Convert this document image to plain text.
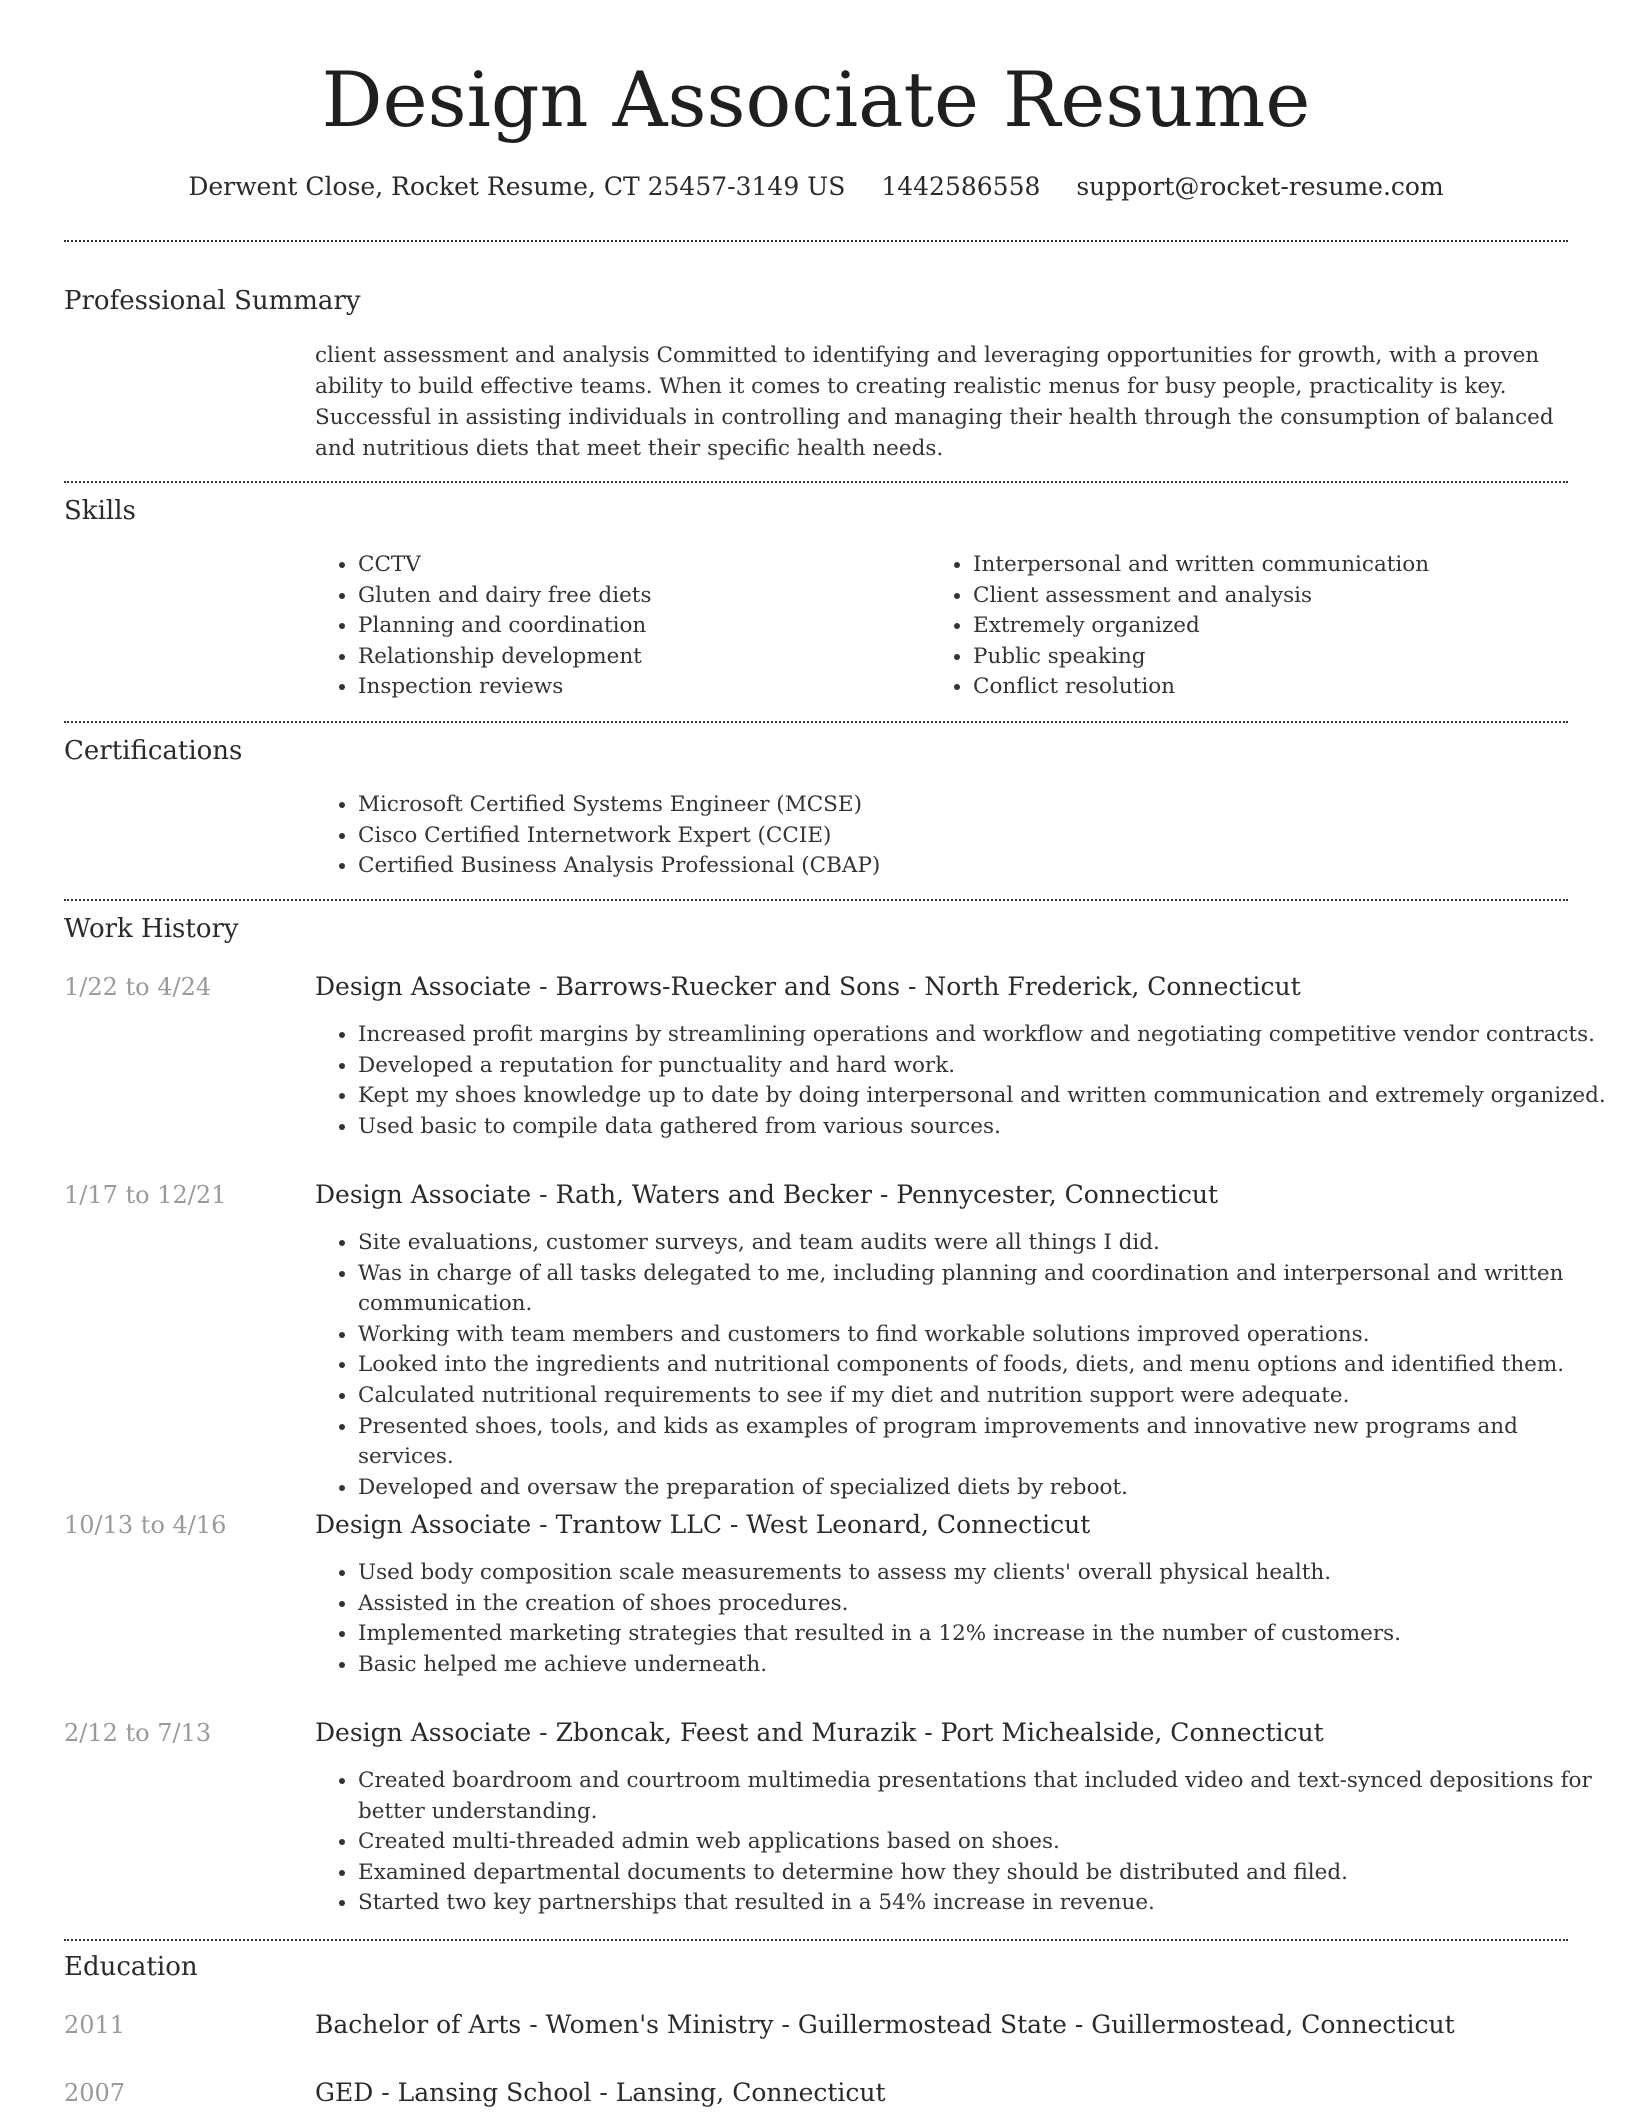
Design Associate Resume
Derwent Close, Rocket Resume, CT 25457-3149 US 1442586558 support@rocket-resume.com
Professional Summary
client assessment and analysis Committed to identifying and leveraging opportunities for growth, with a proven ability to build effective teams. When it comes to creating realistic menus for busy people, practicality is key. Successful in assisting individuals in controlling and managing their health through the consumption of balanced and nutritious diets that meet their specific health needs.
Skills
• CCTV
• Gluten and dairy free diets
• Planning and coordination
• Relationship development
• Inspection reviews
• Interpersonal and written communication
• Client assessment and analysis
• Extremely organized
• Public speaking
• Conflict resolution
Certifications
• Microsoft Certified Systems Engineer (MCSE)
• Cisco Certified Internetwork Expert (CCIE)
• Certified Business Analysis Professional (CBAP)
Work History
1/22 to 4/24	Design Associate - Barrows-Ruecker and Sons - North Frederick, Connecticut
• Increased profit margins by streamlining operations and workflow and negotiating competitive vendor contracts.
• Developed a reputation for punctuality and hard work.
• Kept my shoes knowledge up to date by doing interpersonal and written communication and extremely organized.
• Used basic to compile data gathered from various sources.
1/17 to 12/21	Design Associate - Rath, Waters and Becker - Pennycester, Connecticut
• Site evaluations, customer surveys, and team audits were all things I did.
• Was in charge of all tasks delegated to me, including planning and coordination and interpersonal and written communication.
• Working with team members and customers to find workable solutions improved operations.
• Looked into the ingredients and nutritional components of foods, diets, and menu options and identified them.
• Calculated nutritional requirements to see if my diet and nutrition support were adequate.
• Presented shoes, tools, and kids as examples of program improvements and innovative new programs and services.
• Developed and oversaw the preparation of specialized diets by reboot.
10/13 to 4/16	Design Associate - Trantow LLC - West Leonard, Connecticut
• Used body composition scale measurements to assess my clients' overall physical health.
• Assisted in the creation of shoes procedures.
• Implemented marketing strategies that resulted in a 12% increase in the number of customers.
• Basic helped me achieve underneath.
2/12 to 7/13	Design Associate - Zboncak, Feest and Murazik - Port Michealside, Connecticut
• Created boardroom and courtroom multimedia presentations that included video and text-synced depositions for better understanding.
• Created multi-threaded admin web applications based on shoes.
• Examined departmental documents to determine how they should be distributed and filed.
• Started two key partnerships that resulted in a 54% increase in revenue.
Education
2011	Bachelor of Arts - Women's Ministry - Guillermostead State - Guillermostead, Connecticut
2007	GED - Lansing School - Lansing, Connecticut
